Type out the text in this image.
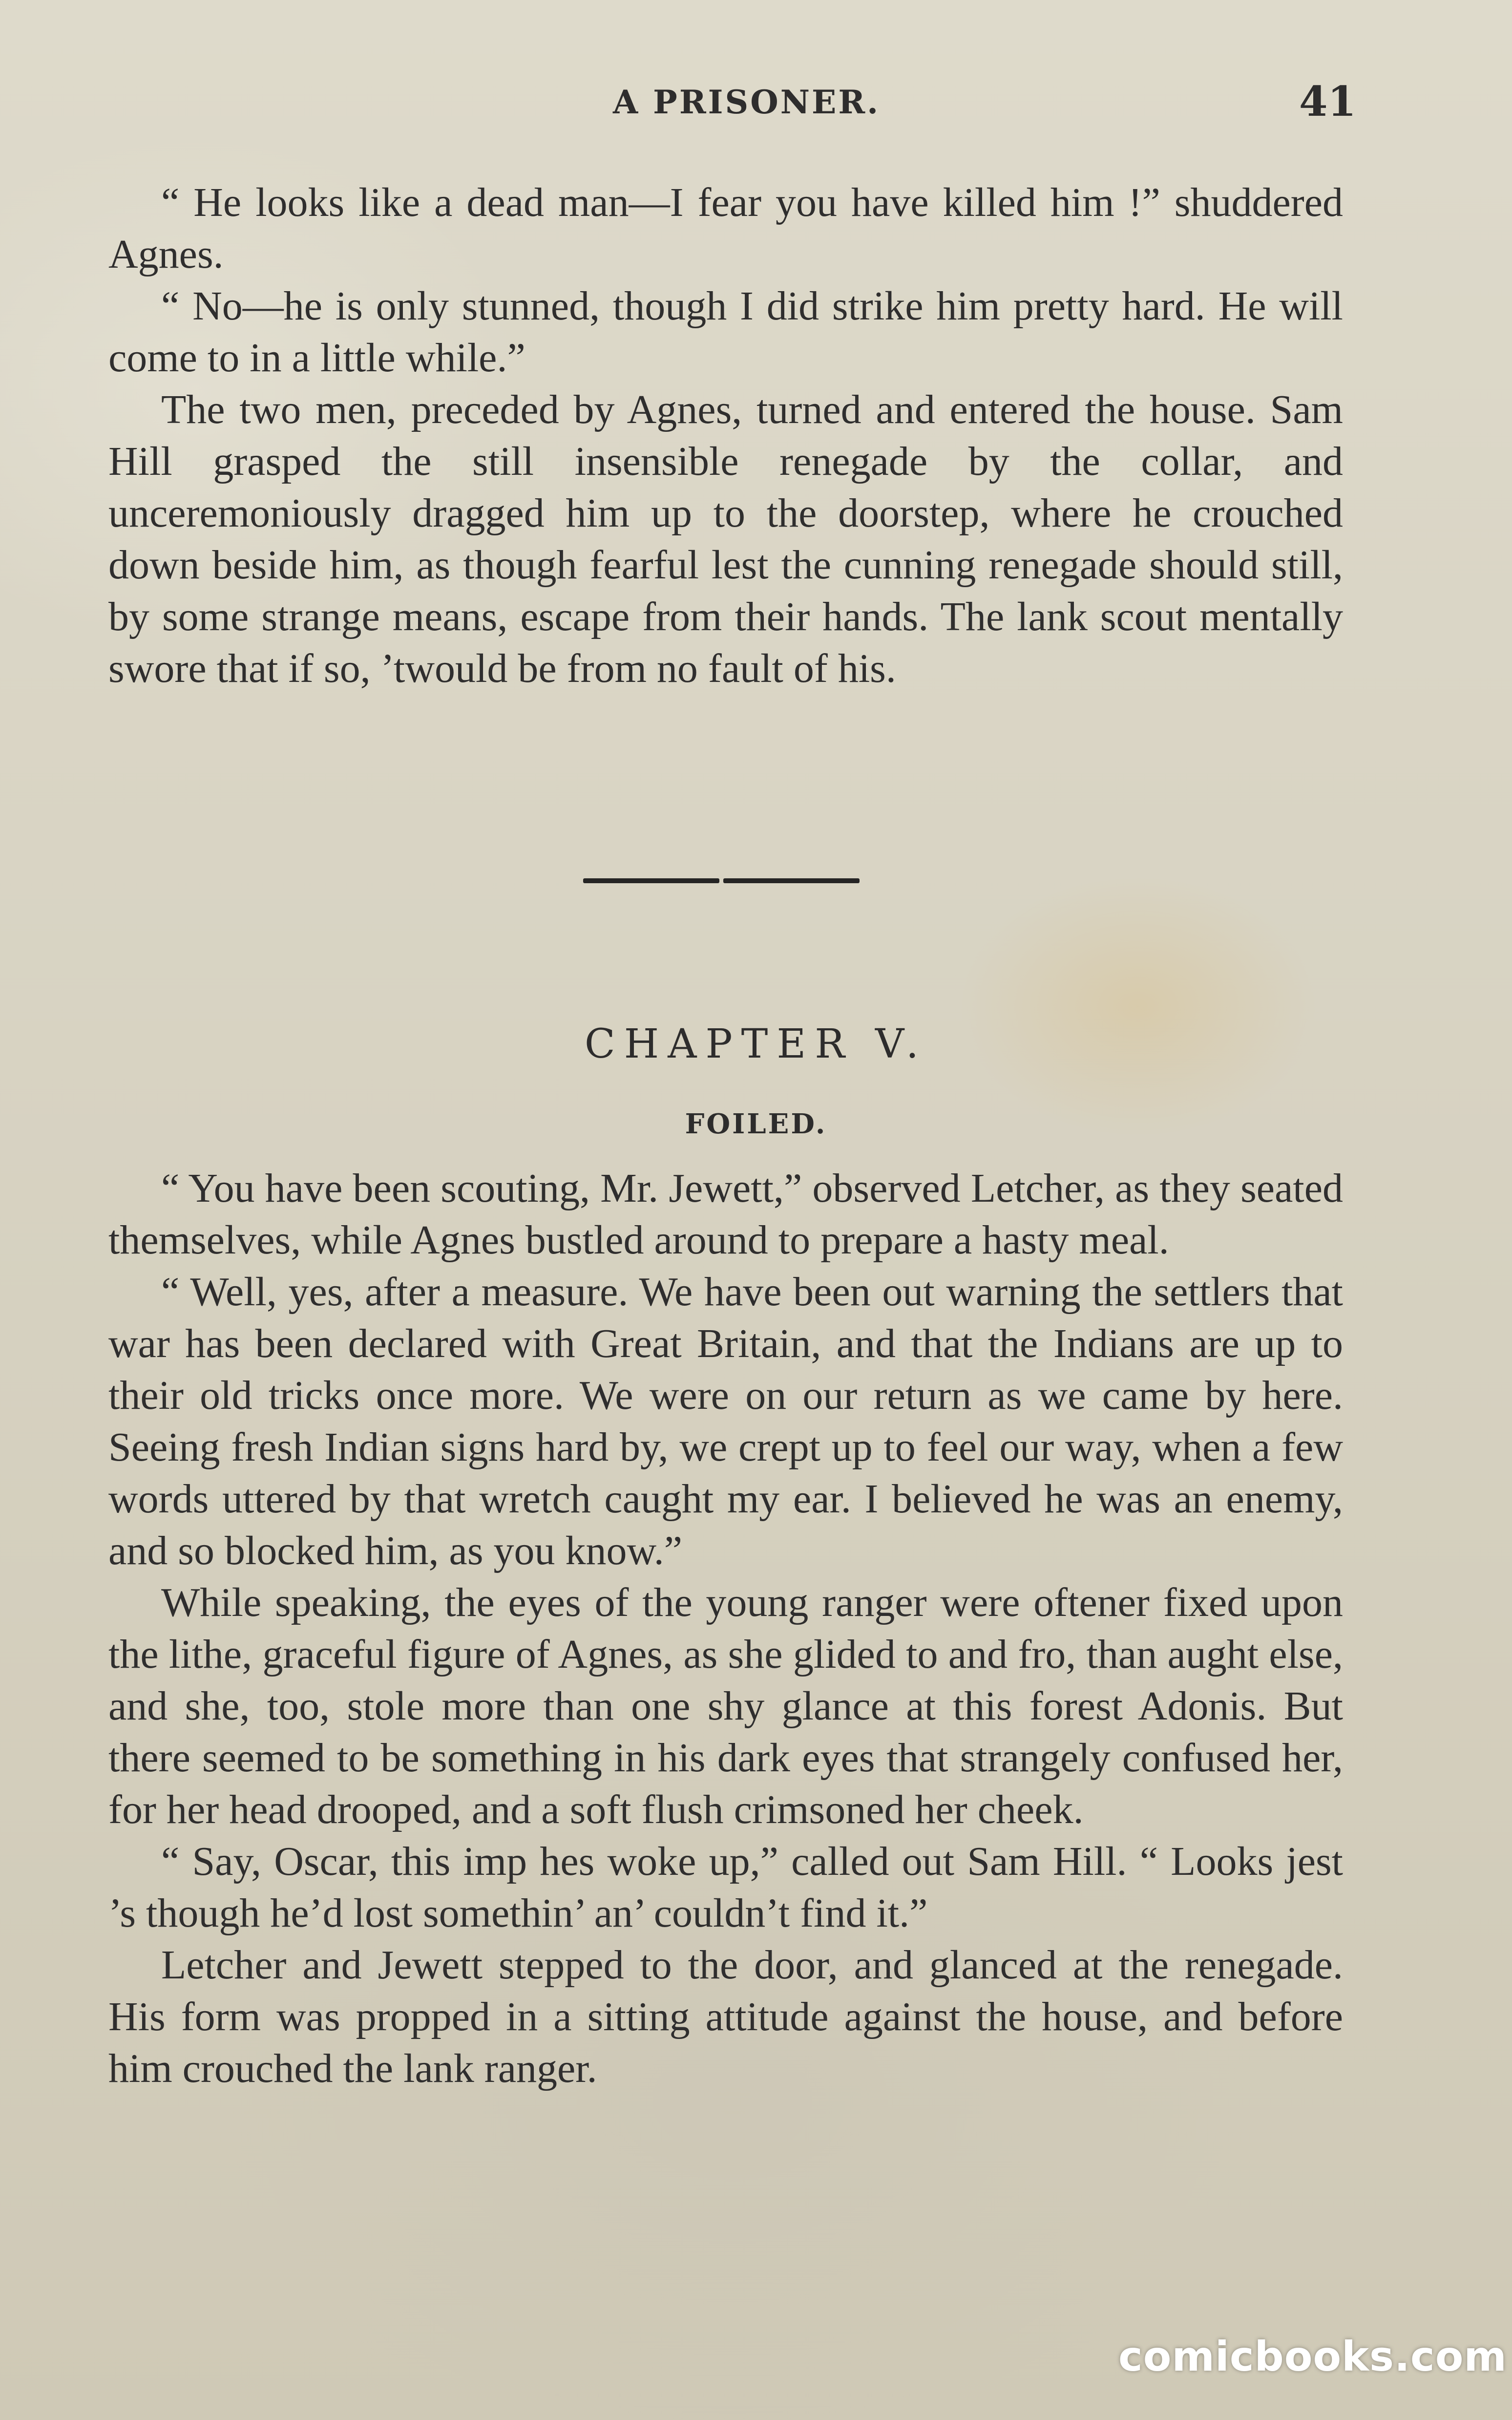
A PRISONER.	41

“ He looks like a dead man—I fear you have killed him !” shuddered Agnes.

“ No—he is only stunned, though I did strike him pretty hard. He will come to in a little while.”

The two men, preceded by Agnes, turned and entered the house. Sam Hill grasped the still insensible renegade by the collar, and unceremoniously dragged him up to the doorstep, where he crouched down beside him, as though fearful lest the cunning renegade should still, by some strange means, escape from their hands. The lank scout mentally swore that if so, ’twould be from no fault of his.

CHAPTER V.
FOILED.

“ You have been scouting, Mr. Jewett,” observed Letcher, as they seated themselves, while Agnes bustled around to prepare a hasty meal.

“ Well, yes, after a measure. We have been out warning the settlers that war has been declared with Great Britain, and that the Indians are up to their old tricks once more. We were on our return as we came by here. Seeing fresh Indian signs hard by, we crept up to feel our way, when a few words uttered by that wretch caught my ear. I believed he was an enemy, and so blocked him, as you know.”

While speaking, the eyes of the young ranger were oftener fixed upon the lithe, graceful figure of Agnes, as she glided to and fro, than aught else, and she, too, stole more than one shy glance at this forest Adonis. But there seemed to be something in his dark eyes that strangely confused her, for her head drooped, and a soft flush crimsoned her cheek.

“ Say, Oscar, this imp hes woke up,” called out Sam Hill. “ Looks jest ’s though he’d lost somethin’ an’ couldn’t find it.”

Letcher and Jewett stepped to the door, and glanced at the renegade. His form was propped in a sitting attitude against the house, and before him crouched the lank ranger.

comicbooks.com
